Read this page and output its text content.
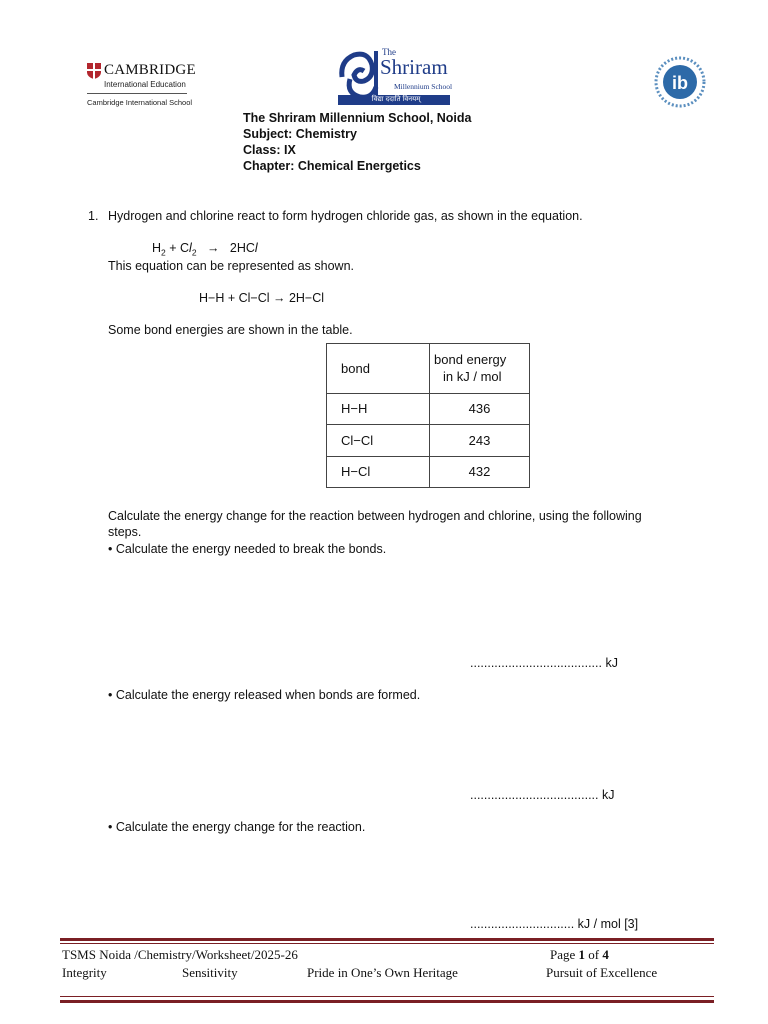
CAMBRIDGE
International Education
Cambridge International School
The
Shriram
Millennium School
विद्या ददाति विनयम्
ib
The Shriram Millennium School, Noida
Subject: Chemistry
Class: IX
Chapter: Chemical Energetics
1. Hydrogen and chlorine react to form hydrogen chloride gas, as shown in the equation.
$H_2 + Cl_2 \to 2HCl$
This equation can be represented as shown.
H−H + Cl−Cl → 2H−Cl
Some bond energies are shown in the table.
bond	bond energy
in kJ / mol

H−H	436
Cl−Cl	243
H−Cl	432
Calculate the energy change for the reaction between hydrogen and chlorine, using the following
steps.
• Calculate the energy needed to break the bonds.
...................................... kJ
• Calculate the energy released when bonds are formed.
..................................... kJ
• Calculate the energy change for the reaction.
.............................. kJ / mol [3]
TSMS Noida /Chemistry/Worksheet/2025-26	Page 1 of 4
Integrity	Sensitivity	Pride in One’s Own Heritage	Pursuit of Excellence
